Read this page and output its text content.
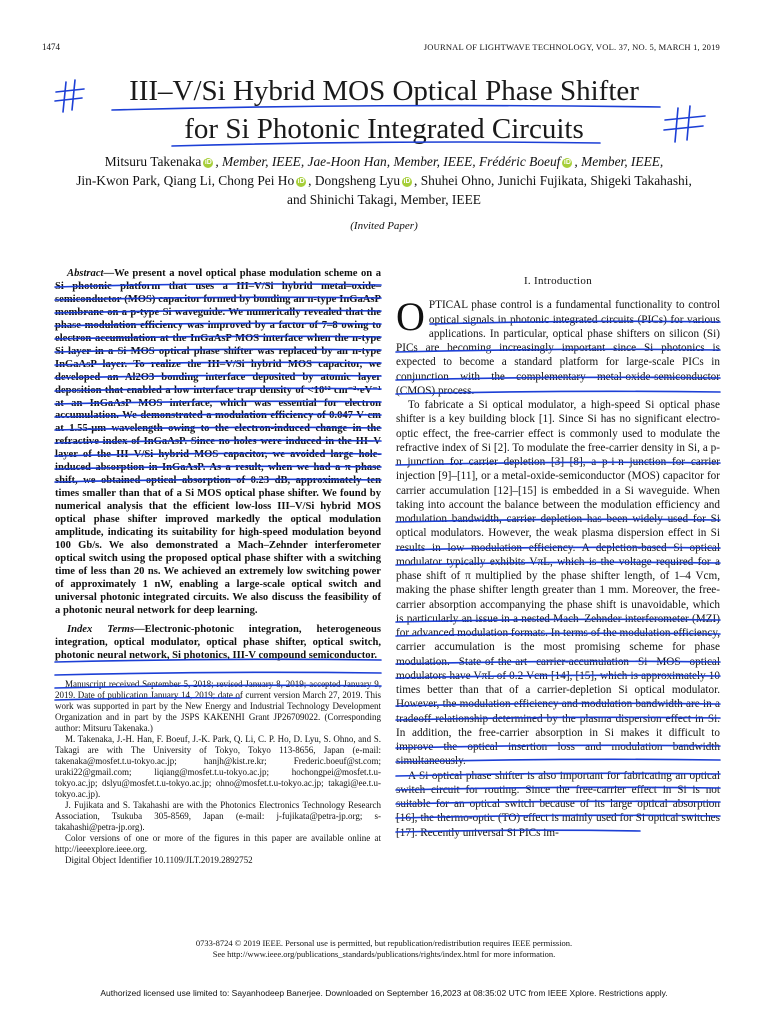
1474	JOURNAL OF LIGHTWAVE TECHNOLOGY, VOL. 37, NO. 5, MARCH 1, 2019
III–V/Si Hybrid MOS Optical Phase Shifter
for Si Photonic Integrated Circuits
Mitsuru Takenaka iD , Member, IEEE, Jae-Hoon Han, Member, IEEE, Frédéric Boeuf iD , Member, IEEE,
Jin-Kwon Park, Qiang Li, Chong Pei Ho iD , Dongsheng Lyu iD , Shuhei Ohno, Junichi Fujikata, Shigeki Takahashi,
and Shinichi Takagi, Member, IEEE
(Invited Paper)
Abstract—We present a novel optical phase modulation scheme on a Si photonic platform that uses a III–V/Si hybrid metal–oxide–semiconductor (MOS) capacitor formed by bonding an n-type InGaAsP membrane on a p-type Si waveguide. We numerically revealed that the phase modulation efficiency was improved by a factor of 7–8 owing to electron accumulation at the InGaAsP MOS interface when the n-type Si layer in a Si MOS optical phase shifter was replaced by an n-type InGaAsP layer. To realize the III–V/Si hybrid MOS capacitor, we developed an Al2O3 bonding interface deposited by atomic layer deposition that enabled a low interface trap density of <10¹² cm⁻²·eV⁻¹ at an InGaAsP MOS interface, which was essential for electron accumulation. We demonstrated a modulation efficiency of 0.047 V·cm at 1.55-μm wavelength owing to the electron-induced change in the refractive index of InGaAsP. Since no holes were induced in the III–V layer of the III–V/Si hybrid MOS capacitor, we avoided large hole-induced absorption in InGaAsP. As a result, when we had a π phase shift, we obtained optical absorption of 0.23 dB, approximately ten times smaller than that of a Si MOS optical phase shifter. We found by numerical analysis that the efficient low-loss III–V/Si hybrid MOS optical phase shifter improved markedly the optical modulation amplitude, indicating its suitability for high-speed modulation beyond 100 Gb/s. We also demonstrated a Mach–Zehnder interferometer optical switch using the proposed optical phase shifter with a switching time of less than 20 ns. We achieved an extremely low switching power of approximately 1 nW, enabling a large-scale optical switch and universal photonic integrated circuits. We also discuss the feasibility of a photonic neural network for deep learning.
Index Terms—Electronic-photonic integration, heterogeneous integration, optical modulator, optical phase shifter, optical switch, photonic neural network, Si photonics, III-V compound semiconductor.

Manuscript received September 5, 2018; revised January 8, 2019; accepted January 9, 2019. Date of publication January 14, 2019; date of current version March 27, 2019. This work was supported in part by the New Energy and Industrial Technology Development Organization and in part by the JSPS KAKENHI Grant JP26709022. (Corresponding author: Mitsuru Takenaka.)

M. Takenaka, J.-H. Han, F. Boeuf, J.-K. Park, Q. Li, C. P. Ho, D. Lyu, S. Ohno, and S. Takagi are with The University of Tokyo, Tokyo 113-8656, Japan (e-mail: takenaka@mosfet.t.u-tokyo.ac.jp; hanjh@kist.re.kr; Frederic.boeuf@st.com; uraki22@gmail.com; liqiang@mosfet.t.u-tokyo.ac.jp; hochongpei@mosfet.t.u-tokyo.ac.jp; dslyu@mosfet.t.u-tokyo.ac.jp; ohno@mosfet.t.u-tokyo.ac.jp; takagi@ee.t.u-tokyo.ac.jp).

J. Fujikata and S. Takahashi are with the Photonics Electronics Technology Research Association, Tsukuba 305-8569, Japan (e-mail: j-fujikata@petra-jp.org; s-takahashi@petra-jp.org).

Color versions of one or more of the figures in this paper are available online at http://ieeexplore.ieee.org.

Digital Object Identifier 10.1109/JLT.2019.2892752

I. Introduction
O PTICAL phase control is a fundamental functionality to control optical signals in photonic integrated circuits (PICs) for various applications. In particular, optical phase shifters on silicon (Si) PICs are becoming increasingly important since Si photonics is expected to become a standard platform for large-scale PICs in conjunction with the complementary metal-oxide-semiconductor (CMOS) process.

To fabricate a Si optical modulator, a high-speed Si optical phase shifter is a key building block [1]. Since Si has no significant electro-optic effect, the free-carrier effect is commonly used to modulate the refractive index of Si [2]. To modulate the free-carrier density in Si, a p-n junction for carrier depletion [3]–[8], a p-i-n junction for carrier injection [9]–[11], or a metal-oxide-semiconductor (MOS) capacitor for carrier accumulation [12]–[15] is embedded in a Si waveguide. When taking into account the balance between the modulation efficiency and modulation bandwidth, carrier depletion has been widely used for Si optical modulators. However, the weak plasma dispersion effect in Si results in low modulation efficiency. A depletion-based Si optical modulator typically exhibits VπL, which is the voltage required for a phase shift of π multiplied by the phase shifter length, of 1–4 Vcm, making the phase shifter length greater than 1 mm. Moreover, the free-carrier absorption accompanying the phase shift is unavoidable, which is particularly an issue in a nested Mach–Zehnder interferometer (MZI) for advanced modulation formats. In terms of the modulation efficiency, carrier accumulation is the most promising scheme for phase modulation. State-of-the-art carrier-accumulation Si MOS optical modulators have VπL of 0.2 Vcm [14], [15], which is approximately 10 times better than that of a carrier-depletion Si optical modulator. However, the modulation efficiency and modulation bandwidth are in a tradeoff relationship determined by the plasma dispersion effect in Si. In addition, the free-carrier absorption in Si makes it difficult to improve the optical insertion loss and modulation bandwidth simultaneously.

A Si optical phase shifter is also important for fabricating an optical switch circuit for routing. Since the free-carrier effect in Si is not suitable for an optical switch because of its large optical absorption [16], the thermo-optic (TO) effect is mainly used for Si optical switches [17]. Recently universal Si PICs im-

0733-8724 © 2019 IEEE. Personal use is permitted, but republication/redistribution requires IEEE permission.
See http://www.ieee.org/publications_standards/publications/rights/index.html for more information.
Authorized licensed use limited to: Sayanhodeep Banerjee. Downloaded on September 16,2023 at 08:35:02 UTC from IEEE Xplore. Restrictions apply.
